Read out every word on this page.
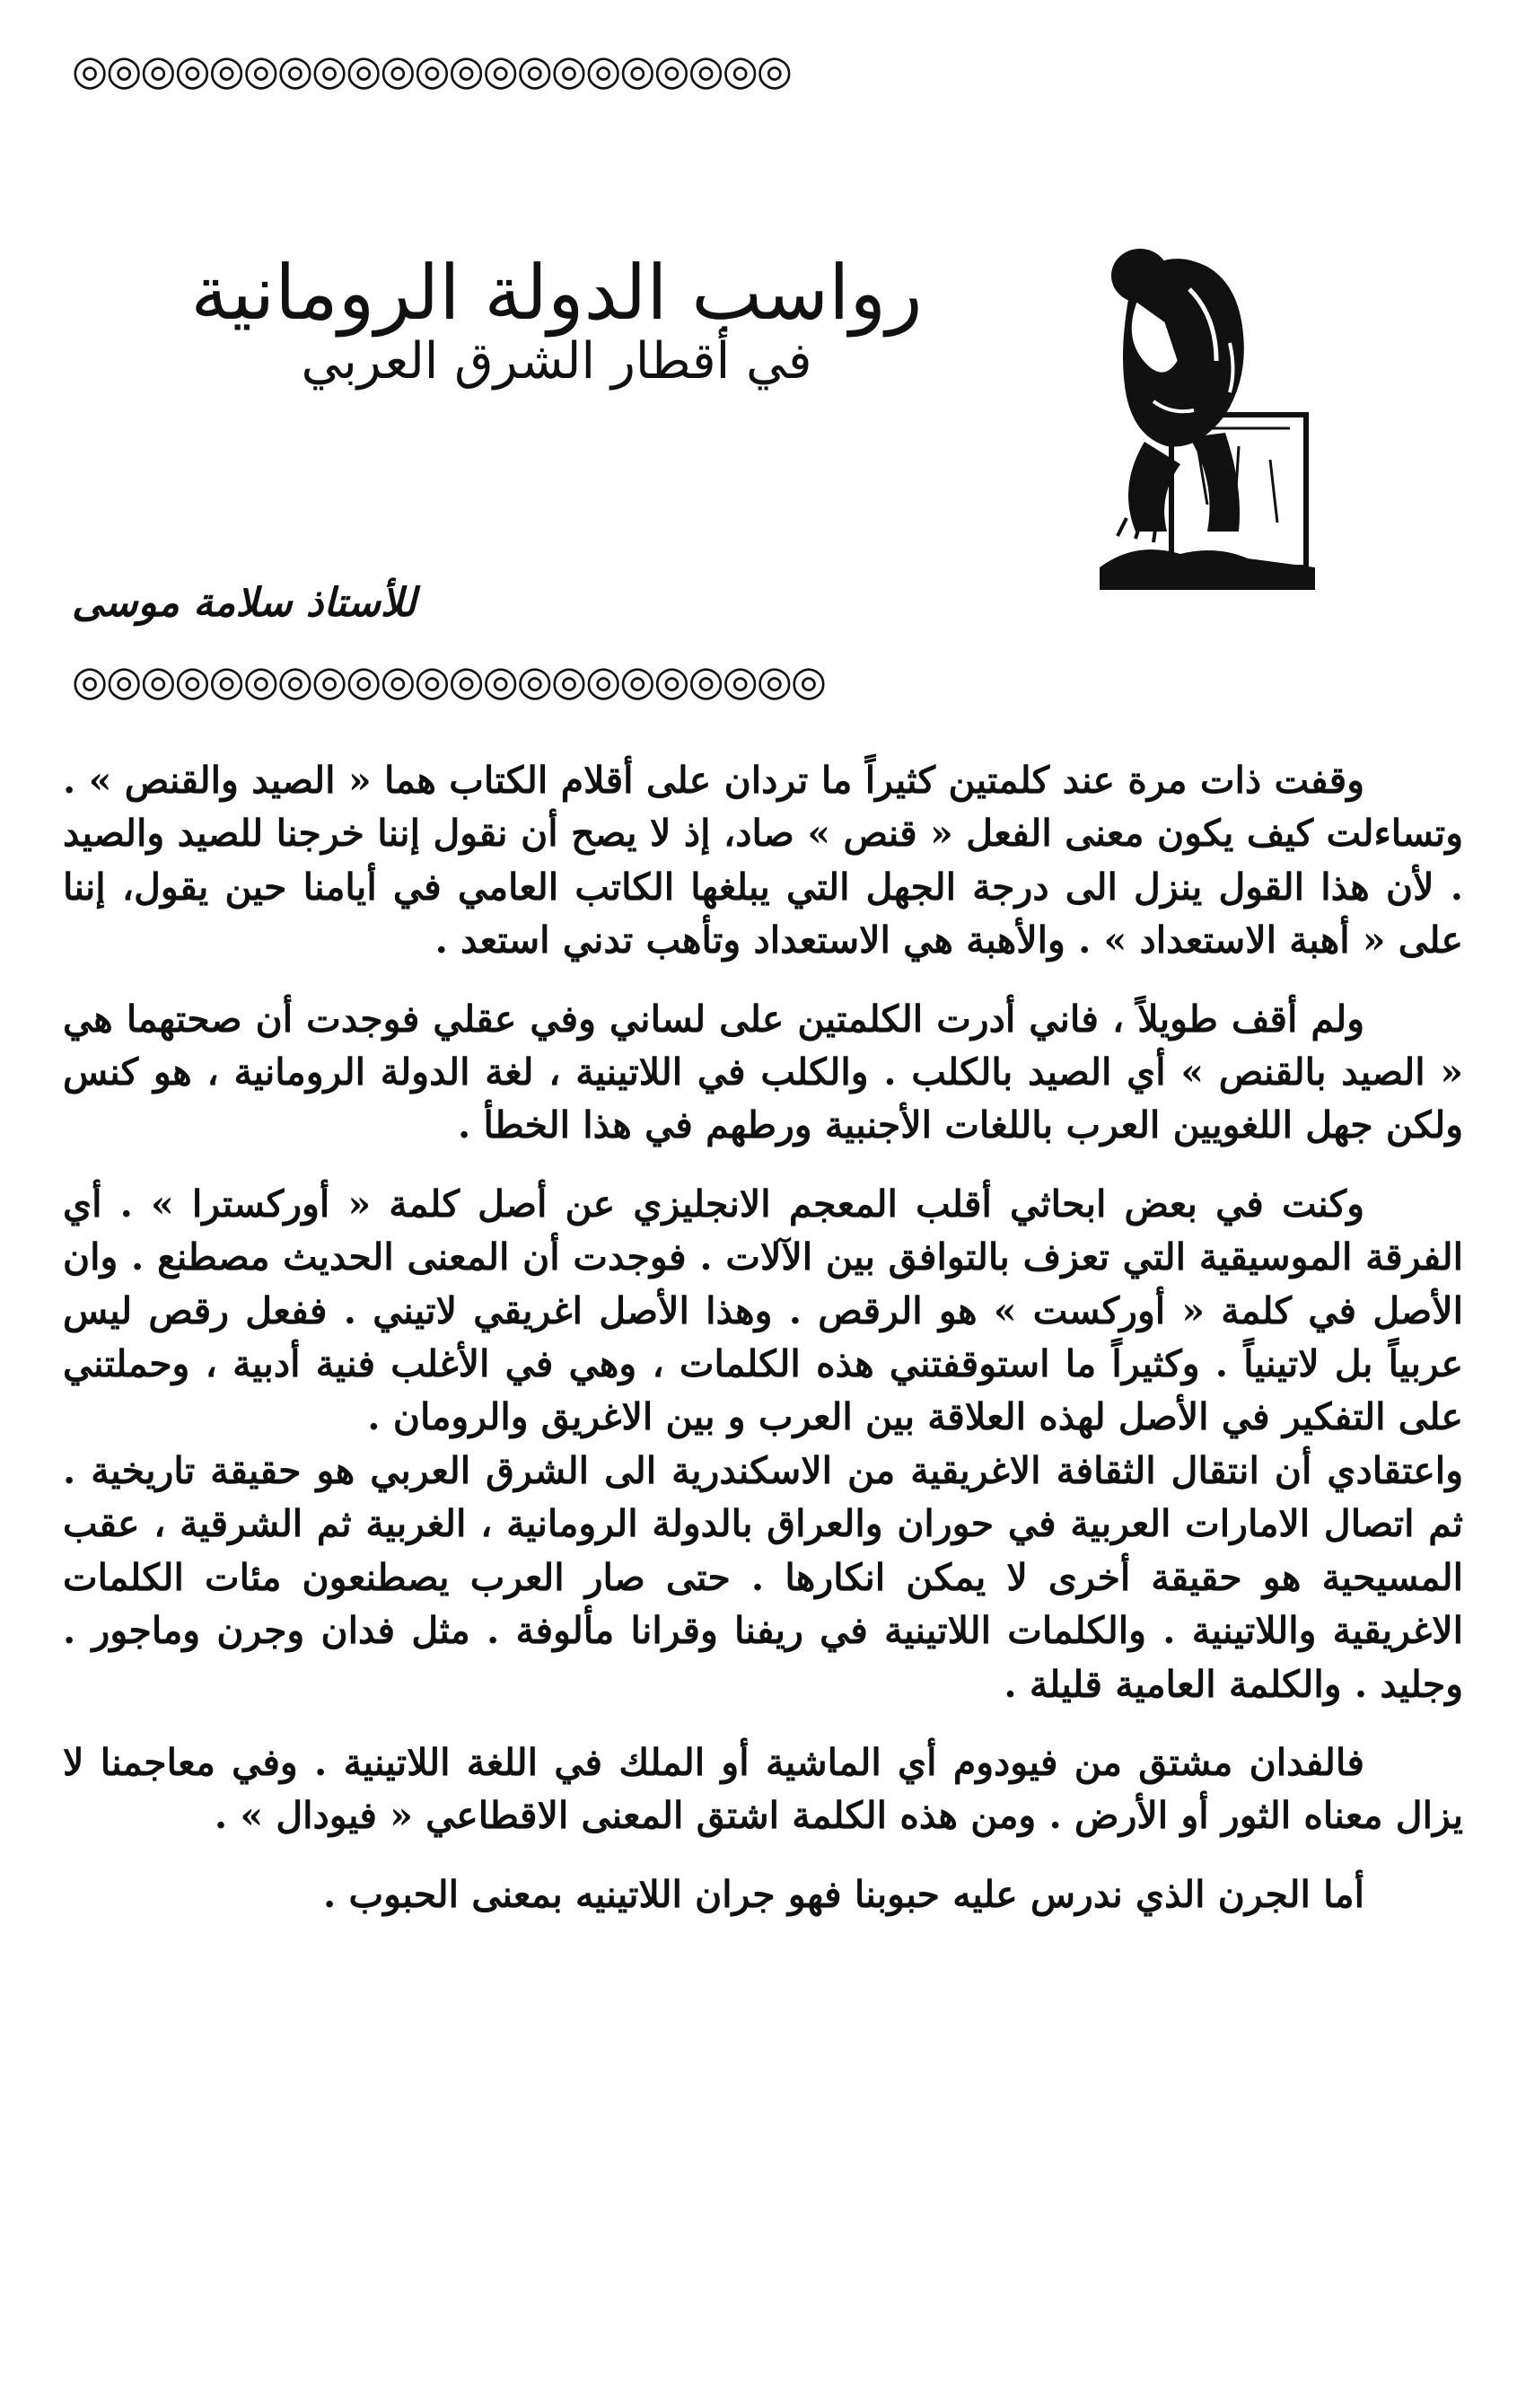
◎◎◎◎◎◎◎◎◎◎◎◎◎◎◎◎◎◎◎◎◎
رواسب الدولة الرومانية
في أقطار الشرق العربي
للأستاذ سلامة موسى
◎◎◎◎◎◎◎◎◎◎◎◎◎◎◎◎◎◎◎◎◎◎

وقفت ذات مرة عند كلمتين كثيراً ما تردان على أقلام الكتاب هما « الصيد والقنص » . وتساءلت كيف يكون معنى الفعل « قنص » صاد، إذ لا يصح أن نقول إننا خرجنا للصيد والصيد . لأن هذا القول ينزل الى درجة الجهل التي يبلغها الكاتب العامي في أيامنا حين يقول، إننا على « أهبة الاستعداد » . والأهبة هي الاستعداد وتأهب تدني استعد .

ولم أقف طويلاً ، فاني أدرت الكلمتين على لساني وفي عقلي فوجدت أن صحتهما هي « الصيد بالقنص » أي الصيد بالكلب . والكلب في اللاتينية ، لغة الدولة الرومانية ، هو كنس ولكن جهل اللغويين العرب باللغات الأجنبية ورطهم في هذا الخطأ .

وكنت في بعض ابحاثي أقلب المعجم الانجليزي عن أصل كلمة « أوركسترا » . أي الفرقة الموسيقية التي تعزف بالتوافق بين الآلات . فوجدت أن المعنى الحديث مصطنع . وان الأصل في كلمة « أوركست » هو الرقص . وهذا الأصل اغريقي لاتيني . ففعل رقص ليس عربياً بل لاتينياً . وكثيراً ما استوقفتني هذه الكلمات ، وهي في الأغلب فنية أدبية ، وحملتني على التفكير في الأصل لهذه العلاقة بين العرب و بين الاغريق والرومان .

واعتقادي أن انتقال الثقافة الاغريقية من الاسكندرية الى الشرق العربي هو حقيقة تاريخية . ثم اتصال الامارات العربية في حوران والعراق بالدولة الرومانية ، الغربية ثم الشرقية ، عقب المسيحية هو حقيقة أخرى لا يمكن انكارها . حتى صار العرب يصطنعون مئات الكلمات الاغريقية واللاتينية . والكلمات اللاتينية في ريفنا وقرانا مألوفة . مثل فدان وجرن وماجور . وجليد . والكلمة العامية قليلة .

فالفدان مشتق من فيودوم أي الماشية أو الملك في اللغة اللاتينية . وفي معاجمنا لا يزال معناه الثور أو الأرض . ومن هذه الكلمة اشتق المعنى الاقطاعي « فيودال » .

أما الجرن الذي ندرس عليه حبوبنا فهو جران اللاتينيه بمعنى الحبوب .
